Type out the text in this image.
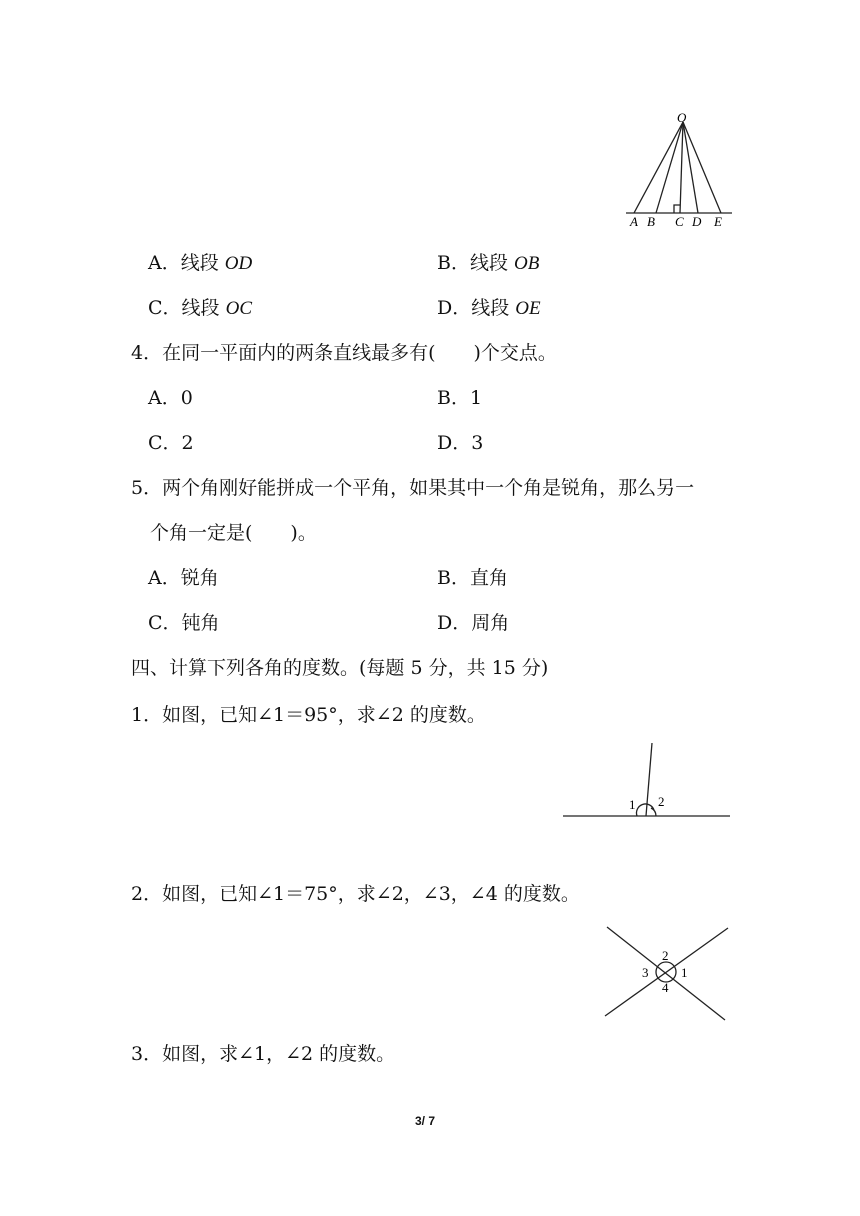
O
A B C D E
A．线段 OD	B．线段 OB
C．线段 OC	D．线段 OE
4．在同一平面内的两条直线最多有(　　)个交点。
A．0	B．1
C．2	D．3
5．两个角刚好能拼成一个平角，如果其中一个角是锐角，那么另一
个角一定是(　　)。
A．锐角	B．直角
C．钝角	D．周角
四、计算下列各角的度数。(每题 5 分，共 15 分)
1．如图，已知∠1＝95°，求∠2 的度数。
1 2
2．如图，已知∠1＝75°，求∠2，∠3，∠4 的度数。
1
2
3
4
3．如图，求∠1，∠2 的度数。
3/ 7
